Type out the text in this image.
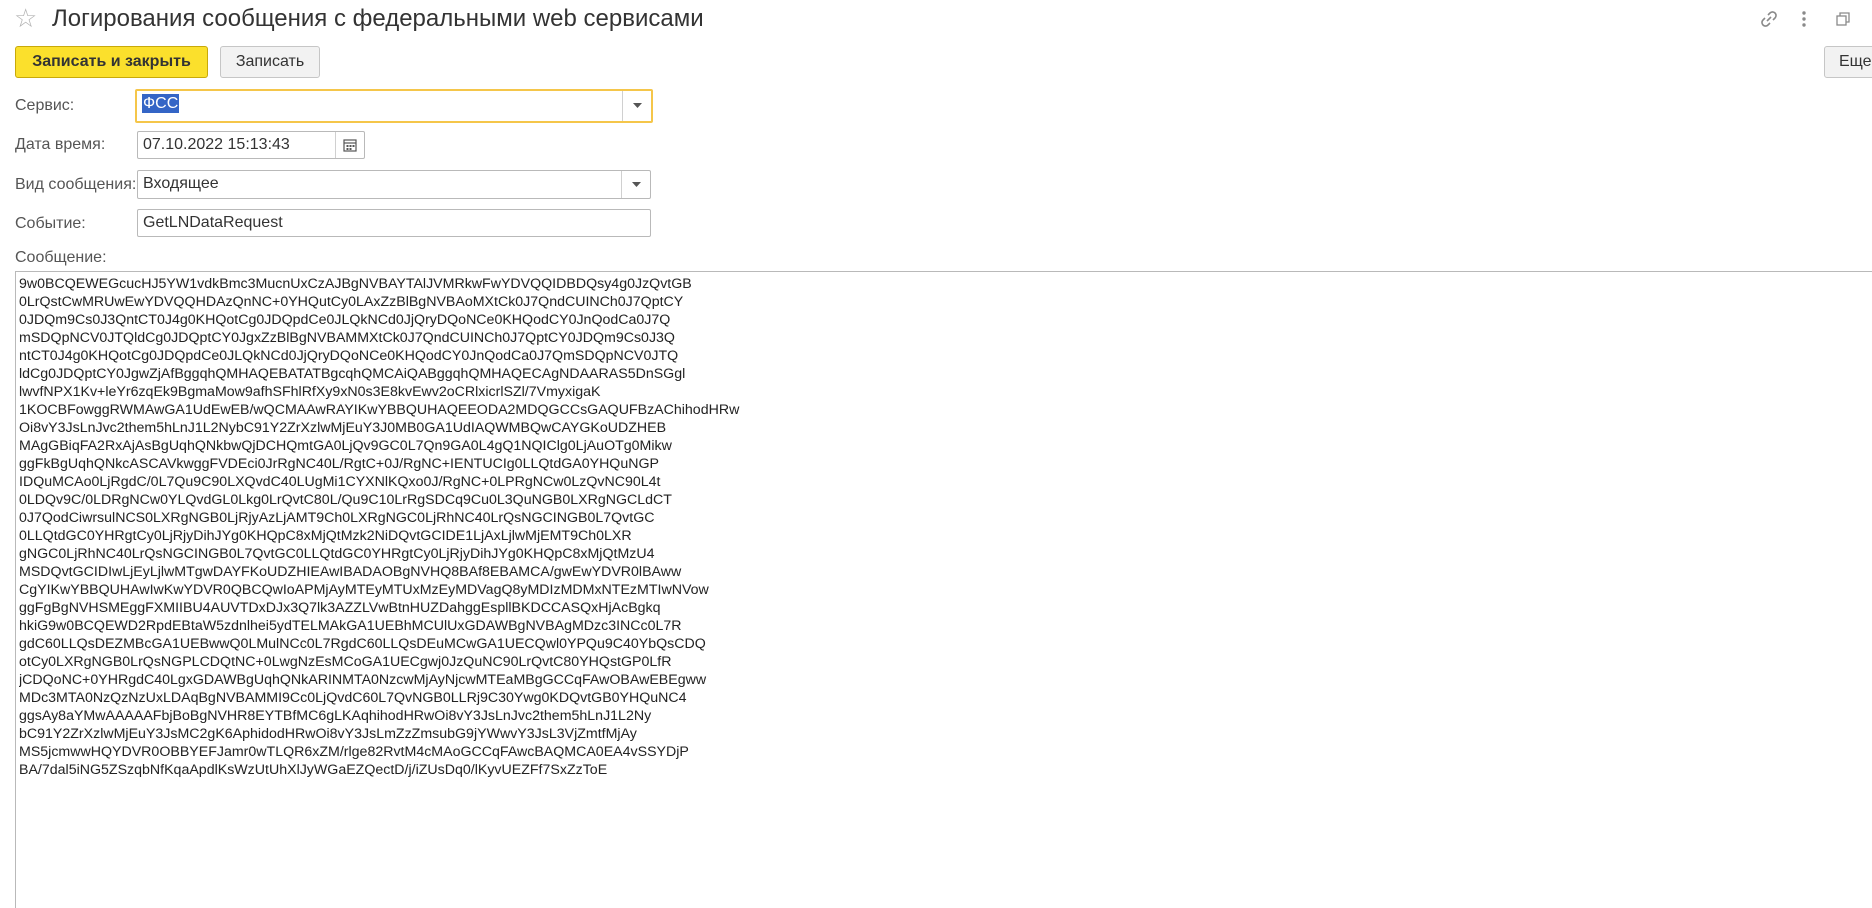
☆ Логирования сообщения с федеральными web сервисами
Записать и закрыть	Записать	Еще
Сервис:	ФСС
Дата время: 07.10.2022 15:13:43
Вид сообщения: Входящее
Событие:	GetLNDataRequest
Сообщение:
9w0BCQEWEGcucHJ5YW1vdkBmc3MucnUxCzAJBgNVBAYTAlJVMRkwFwYDVQQIDBDQsy4g0JzQvtGB
0LrQstCwMRUwEwYDVQQHDAzQnNC+0YHQutCy0LAxZzBlBgNVBAoMXtCk0J7QndCUINCh0J7QptCY
0JDQm9Cs0J3QntCT0J4g0KHQotCg0JDQpdCe0JLQkNCd0JjQryDQoNCe0KHQodCY0JnQodCa0J7Q
mSDQpNCV0JTQldCg0JDQptCY0JgxZzBlBgNVBAMMXtCk0J7QndCUINCh0J7QptCY0JDQm9Cs0J3Q
ntCT0J4g0KHQotCg0JDQpdCe0JLQkNCd0JjQryDQoNCe0KHQodCY0JnQodCa0J7QmSDQpNCV0JTQ
ldCg0JDQptCY0JgwZjAfBggqhQMHAQEBATATBgcqhQMCAiQABggqhQMHAQECAgNDAARAS5DnSGgl
lwvfNPX1Kv+leYr6zqEk9BgmaMow9afhSFhlRfXy9xN0s3E8kvEwv2oCRlxicrlSZl/7VmyxigaK
1KOCBFowggRWMAwGA1UdEwEB/wQCMAAwRAYIKwYBBQUHAQEEODA2MDQGCCsGAQUFBzAChihodHRw
Oi8vY3JsLnJvc2them5hLnJ1L2NybC91Y2ZrXzlwMjEuY3J0MB0GA1UdIAQWMBQwCAYGKoUDZHEB
MAgGBiqFA2RxAjAsBgUqhQNkbwQjDCHQmtGA0LjQv9GC0L7Qn9GA0L4gQ1NQIClg0LjAuOTg0Mikw
ggFkBgUqhQNkcASCAVkwggFVDEci0JrRgNC40L/RgtC+0J/RgNC+IENTUCIg0LLQtdGA0YHQuNGP
IDQuMCAo0LjRgdC/0L7Qu9C90LXQvdC40LUgMi1CYXNlKQxo0J/RgNC+0LPRgNCw0LzQvNC90L4t
0LDQv9C/0LDRgNCw0YLQvdGL0Lkg0LrQvtC80L/Qu9C10LrRgSDCq9Cu0L3QuNGB0LXRgNGCLdCT
0J7QodCiwrsulNCS0LXRgNGB0LjRjyAzLjAMT9Ch0LXRgNGC0LjRhNC40LrQsNGCINGB0L7QvtGC
0LLQtdGC0YHRgtCy0LjRjyDihJYg0KHQpC8xMjQtMzk2NiDQvtGCIDE1LjAxLjlwMjEMT9Ch0LXR
gNGC0LjRhNC40LrQsNGCINGB0L7QvtGC0LLQtdGC0YHRgtCy0LjRjyDihJYg0KHQpC8xMjQtMzU4
MSDQvtGCIDIwLjEyLjlwMTgwDAYFKoUDZHIEAwIBADAOBgNVHQ8BAf8EBAMCA/gwEwYDVR0lBAww
CgYIKwYBBQUHAwIwKwYDVR0QBCQwIoAPMjAyMTEyMTUxMzEyMDVagQ8yMDIzMDMxNTEzMTIwNVow
ggFgBgNVHSMEggFXMIIBU4AUVTDxDJx3Q7lk3AZZLVwBtnHUZDahggEspllBKDCCASQxHjAcBgkq
hkiG9w0BCQEWD2RpdEBtaW5zdnlhei5ydTELMAkGA1UEBhMCUlUxGDAWBgNVBAgMDzc3INCc0L7R
gdC60LLQsDEZMBcGA1UEBwwQ0LMulNCc0L7RgdC60LLQsDEuMCwGA1UECQwl0YPQu9C40YbQsCDQ
otCy0LXRgNGB0LrQsNGPLCDQtNC+0LwgNzEsMCoGA1UECgwj0JzQuNC90LrQvtC80YHQstGP0LfR
jCDQoNC+0YHRgdC40LgxGDAWBgUqhQNkARINMTA0NzcwMjAyNjcwMTEaMBgGCCqFAwOBAwEBEgww
MDc3MTA0NzQzNzUxLDAqBgNVBAMMI9Cc0LjQvdC60L7QvNGB0LLRj9C30Ywg0KDQvtGB0YHQuNC4
ggsAy8aYMwAAAAAFbjBoBgNVHR8EYTBfMC6gLKAqhihodHRwOi8vY3JsLnJvc2them5hLnJ1L2Ny
bC91Y2ZrXzlwMjEuY3JsMC2gK6AphidodHRwOi8vY3JsLmZzZmsubG9jYWwvY3JsL3VjZmtfMjAy
MS5jcmwwHQYDVR0OBBYEFJamr0wTLQR6xZM/rlge82RvtM4cMAoGCCqFAwcBAQMCA0EA4vSSYDjP
BA/7dal5iNG5ZSzqbNfKqaApdlKsWzUtUhXlJyWGaEZQectD/j/iZUsDq0/lKyvUEZFf7SxZzToE
